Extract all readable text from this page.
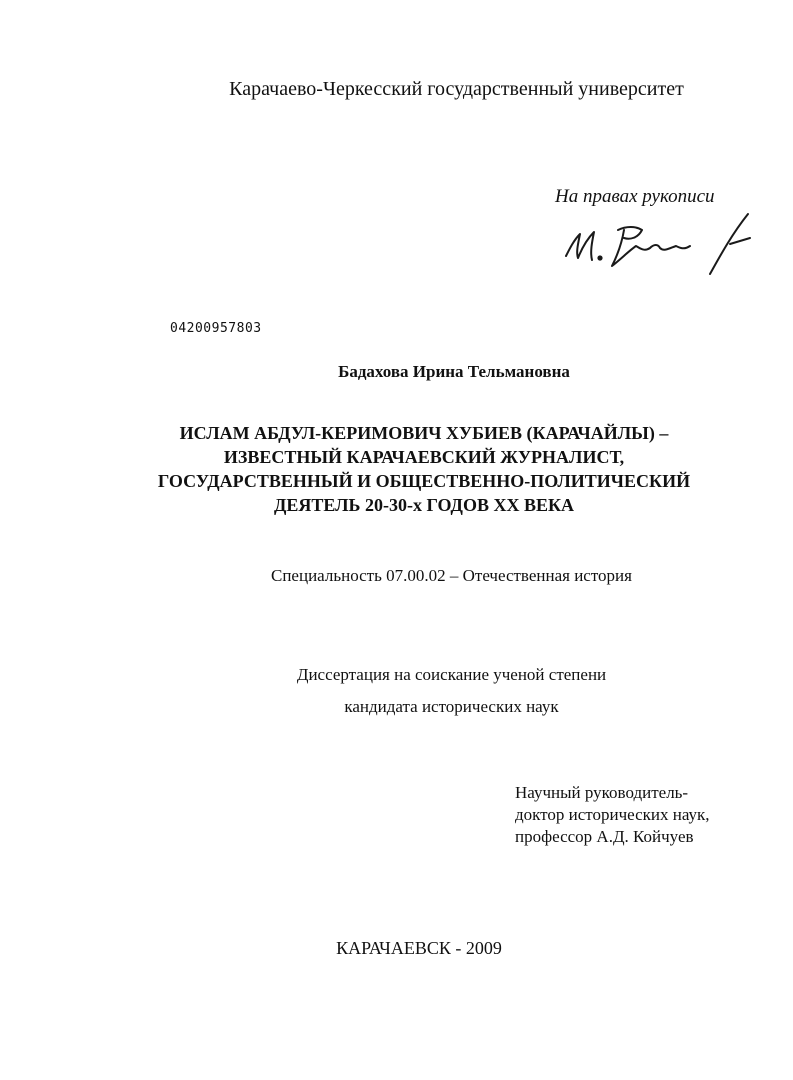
Карачаево-Черкесский государственный университет
На правах рукописи
04200957803
Бадахова Ирина Тельмановна
ИСЛАМ АБДУЛ-КЕРИМОВИЧ ХУБИЕВ (КАРАЧАЙЛЫ) –
ИЗВЕСТНЫЙ КАРАЧАЕВСКИЙ ЖУРНАЛИСТ,
ГОСУДАРСТВЕННЫЙ И ОБЩЕСТВЕННО-ПОЛИТИЧЕСКИЙ
ДЕЯТЕЛЬ 20-30-х ГОДОВ XX ВЕКА
Специальность 07.00.02 – Отечественная история
Диссертация на соискание ученой степени
кандидата исторических наук
Научный руководитель-
доктор исторических наук,
профессор А.Д. Койчуев
КАРАЧАЕВСК - 2009
